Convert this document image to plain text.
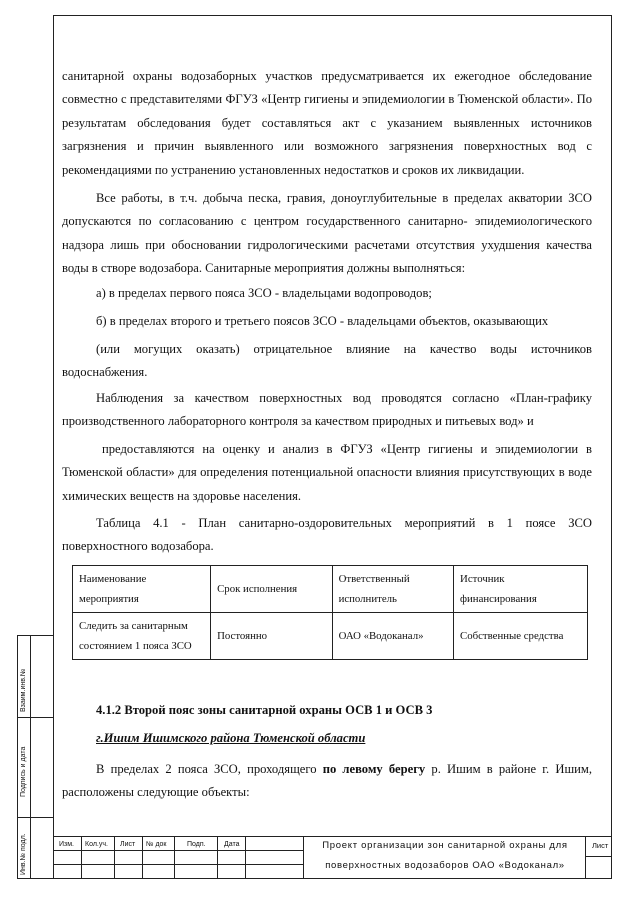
санитарной охраны водозаборных участков предусматривается их ежегодное обследование совместно с представителями ФГУЗ «Центр гигиены и эпидемиологии в Тюменской области». По результатам обследования будет составляться акт с указанием выявленных источников загрязнения и причин выявленного или возможного загрязнения поверхностных вод с рекомендациями по устранению установленных недостатков и сроков их ликвидации.

Все работы, в т.ч. добыча песка, гравия, доноуглубительные в пределах акватории ЗСО допускаются по согласованию с центром государственного санитарно- эпидемиологического надзора лишь при обосновании гидрологическими расчетами отсутствия ухудшения качества воды в створе водозабора. Санитарные мероприятия должны выполняться:

а) в пределах первого пояса ЗСО - владельцами водопроводов;

б) в пределах второго и третьего поясов ЗСО - владельцами объектов, оказывающих

(или могущих оказать) отрицательное влияние на качество воды источников водоснабжения.

Наблюдения за качеством поверхностных вод проводятся согласно «План-графику производственного лабораторного контроля за качеством природных и питьевых вод» и

предоставляются на оценку и анализ в ФГУЗ «Центр гигиены и эпидемиологии в Тюменской области» для определения потенциальной опасности влияния присутствующих в воде химических веществ на здоровье населения.

Таблица 4.1 - План санитарно-оздоровительных мероприятий в 1 поясе ЗСО поверхностного водозабора.

Наименование мероприятия	Срок исполнения	Ответственный исполнитель	Источник финансирования
Следить за санитарным состоянием 1 пояса ЗСО	Постоянно	ОАО «Водоканал»	Собственные средства
4.1.2 Второй пояс зоны санитарной охраны ОСВ 1 и ОСВ 3
г.Ишим Ишимского района Тюменской области

В пределах 2 пояса ЗСО, проходящего по левому берегу р. Ишим в районе г. Ишим, расположены следующие объекты:

Взаим.инв.№
Подпись и дата
Инв.№ подл.	Изм. Кол.уч. Лист № док	Подп.	Дата	Проект организации зон санитарной охраны для
поверхностных водозаборов ОАО «Водоканал»
Лист
